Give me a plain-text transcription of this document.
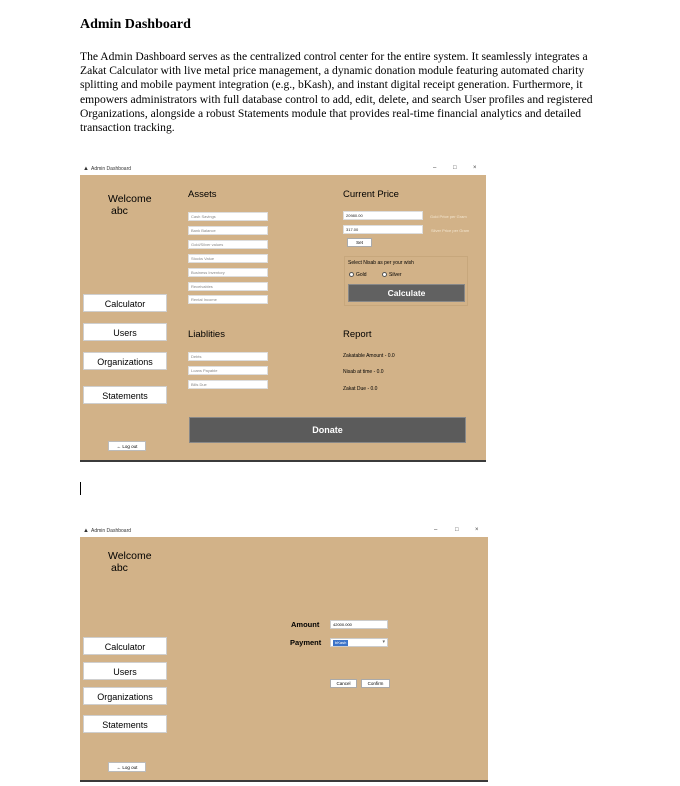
Admin Dashboard

The Admin Dashboard serves as the centralized control center for the entire system. It seamlessly integrates a Zakat Calculator with live metal price management, a dynamic donation module featuring automated charity splitting and mobile payment integration (e.g., bKash), and instant digital receipt generation. Furthermore, it empowers administrators with full database control to add, edit, delete, and search User profiles and registered Organizations, alongside a robust Statements module that provides real-time financial analytics and detailed transaction tracking.

▲ Admin Dashboard	–	□	×
Welcome
abc
Calculator
Users
Organizations
Statements
← Log out
Assets
Cash Savings
Bank Balance
Gold/Silver values
Stocks Value
Business Inventory
Receivables
Rental Income
Current Price
20980.00	Gold Price per Gram
317.00	Silver Price per Gram
Set
Select Nisab as per your wish
Gold	Silver
Calculate
Liablities
Debts
Loans Payable
Bills Due
Report
Zakatable Amount - 0.0
Nisab at time - 0.0
Zakat Due - 0.0
Donate
▲ Admin Dashboard	–	□	×
Welcome
abc
Calculator
Users
Organizations
Statements
← Log out
Amount	42000.000
Payment	bKash	▾
Cancel	Confirm
